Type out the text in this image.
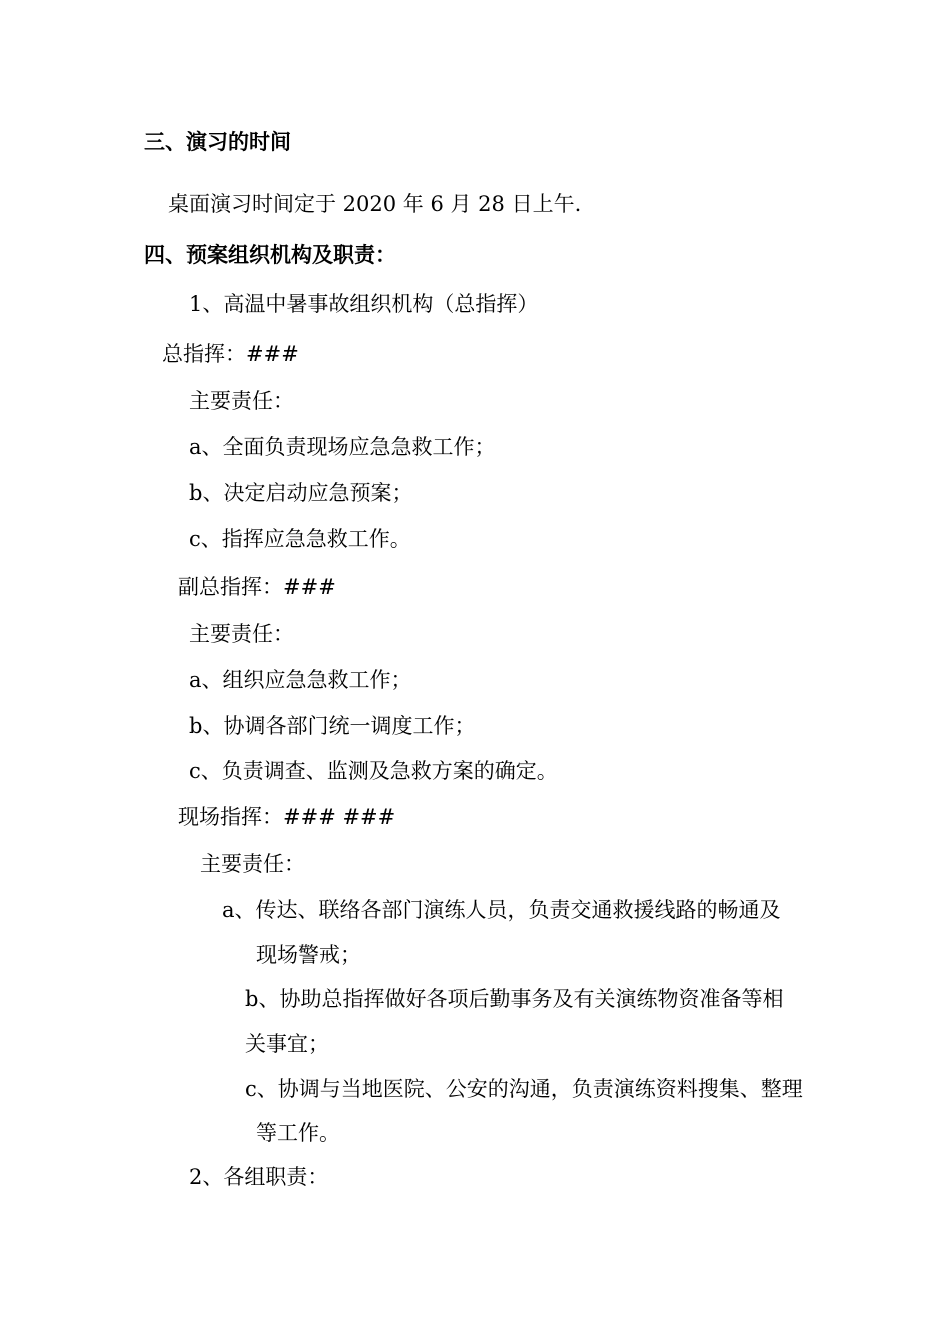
三、演习的时间
桌面演习时间定于 2020 年 6 月 28 日上午.
四、预案组织机构及职责：
1、高温中暑事故组织机构（总指挥）
总指挥：###
主要责任：
a、全面负责现场应急急救工作；
b、决定启动应急预案；
c、指挥应急急救工作。
副总指挥：###
主要责任：
a、组织应急急救工作；
b、协调各部门统一调度工作；
c、负责调查、监测及急救方案的确定。
现场指挥：### ###
主要责任：
a、传达、联络各部门演练人员，负责交通救援线路的畅通及
现场警戒；
b、协助总指挥做好各项后勤事务及有关演练物资准备等相
关事宜；
c、协调与当地医院、公安的沟通，负责演练资料搜集、整理
等工作。
2、各组职责：
